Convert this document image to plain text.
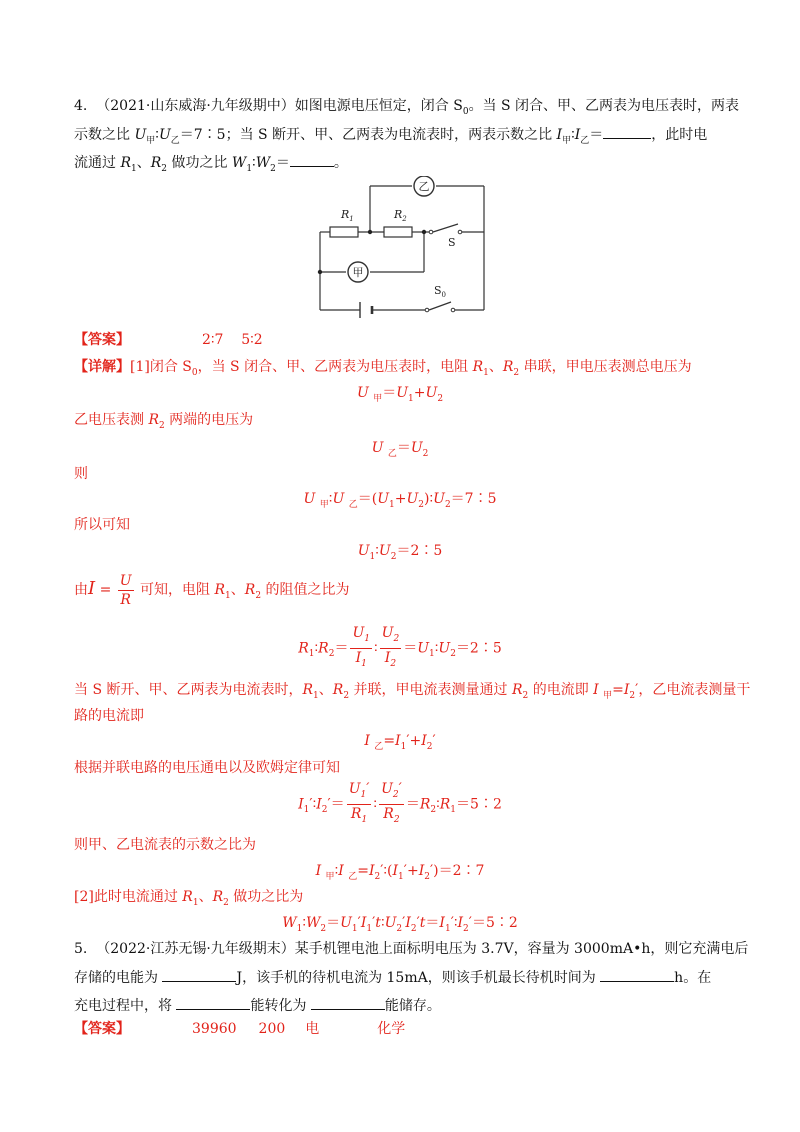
4.  （2021·山东威海·九年级期中）如图电源电压恒定，闭合 $S_0$。当 S 闭合、甲、乙两表为电压表时，两表
示数之比 $U_甲∶U_乙=7∶5$；当 S 断开、甲、乙两表为电流表时，两表示数之比 $I_甲∶I_乙=$	，此时电
流通过 $R_1$、$R_2$ 做功之比 $W_1∶W_2=$	。
乙
甲
$R_1$	$R_2$
S
$S_0$
【答案】	2∶7    5∶2
【详解】[1]闭合 $S_0$，当 S 闭合、甲、乙两表为电压表时，电阻 $R_1$、$R_2$ 串联，甲电压表测总电压为
U $_甲=U_1+U_2$
乙电压表测 $R_2$ 两端的电压为
U $_乙=U_2$
则
U $_甲$∶U $_乙=(U_1+U_2)∶U_2=7∶5$
所以可知
$U_1∶U_2=2∶5$
由$I = \frac{U}{R}$ 可知，电阻 $R_1$、$R_2$ 的阻值之比为
$R_1∶R_2= \frac{U_1}{I_1}$ ∶ $\frac{U_2}{I_2}$ $=U_1∶U_2=2∶5$
当 S 断开、甲、乙两表为电流表时，$R_1$、$R_2$ 并联，甲电流表测量通过 $R_2$ 的电流即 I $_甲=I_2'$，乙电流表测量干
路的电流即
I $_乙=I_1'+I_2'$
根据并联电路的电压通电以及欧姆定律可知
$I_1'∶I_2'= \frac{U_1'}{R_1}$ ∶ $\frac{U_2'}{R_2}$ $=R_2∶R_1=5∶2$
则甲、乙电流表的示数之比为
I $_甲$∶I $_乙=I_2'∶(I_1'+I_2')=2∶7$
[2]此时电流通过 $R_1$、$R_2$ 做功之比为
$W_1∶W_2=U_1'I_1't∶U_2'I_2't=I_1'∶I_2'=5∶2$
5.  （2022·江苏无锡·九年级期末）某手机锂电池上面标明电压为 3.7V，容量为 3000mA•h，则它充满电后
存储的电能为	J，该手机的待机电流为 15mA，则该手机最长待机时间为	h。在
充电过程中，将	能转化为	能储存。
【答案】	39960 200 电	化学
